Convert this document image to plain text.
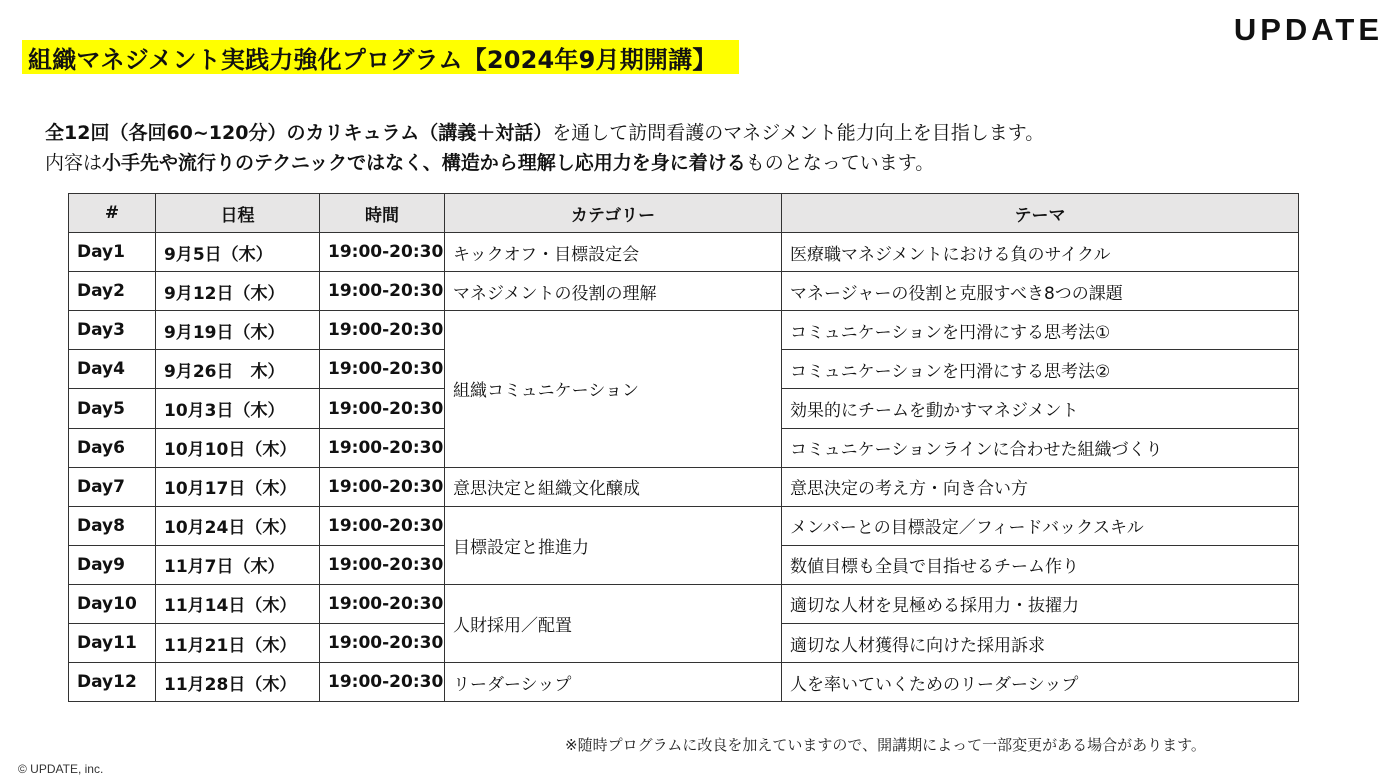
UPDATE
組織マネジメント実践力強化プログラム【2024年9月期開講】
全12回（各回60~120分）のカリキュラム（講義＋対話）を通して訪問看護のマネジメント能力向上を目指します。
内容は小手先や流行りのテクニックではなく、構造から理解し応用力を身に着けるものとなっています。
#	日程	時間	カテゴリー	テーマ
Day1	9月5日（木）	19:00-20:30	キックオフ・目標設定会	医療職マネジメントにおける負のサイクル
Day2	9月12日（木）	19:00-20:30	マネジメントの役割の理解	マネージャーの役割と克服すべき8つの課題
Day3	9月19日（木）	19:00-20:30	組織コミュニケーション	コミュニケーションを円滑にする思考法①
Day4	9月26日　木）	19:00-20:30		コミュニケーションを円滑にする思考法②
Day5	10月3日（木）	19:00-20:30		効果的にチームを動かすマネジメント
Day6	10月10日（木）	19:00-20:30		コミュニケーションラインに合わせた組織づくり
Day7	10月17日（木）	19:00-20:30	意思決定と組織文化醸成	意思決定の考え方・向き合い方
Day8	10月24日（木）	19:00-20:30	目標設定と推進力	メンバーとの目標設定／フィードバックスキル
Day9	11月7日（木）	19:00-20:30		数値目標も全員で目指せるチーム作り
Day10	11月14日（木）	19:00-20:30	人財採用／配置	適切な人材を見極める採用力・抜擢力
Day11	11月21日（木）	19:00-20:30		適切な人材獲得に向けた採用訴求
Day12	11月28日（木）	19:00-20:30	リーダーシップ	人を率いていくためのリーダーシップ
※随時プログラムに改良を加えていますので、開講期によって一部変更がある場合があります。
© UPDATE, inc.
